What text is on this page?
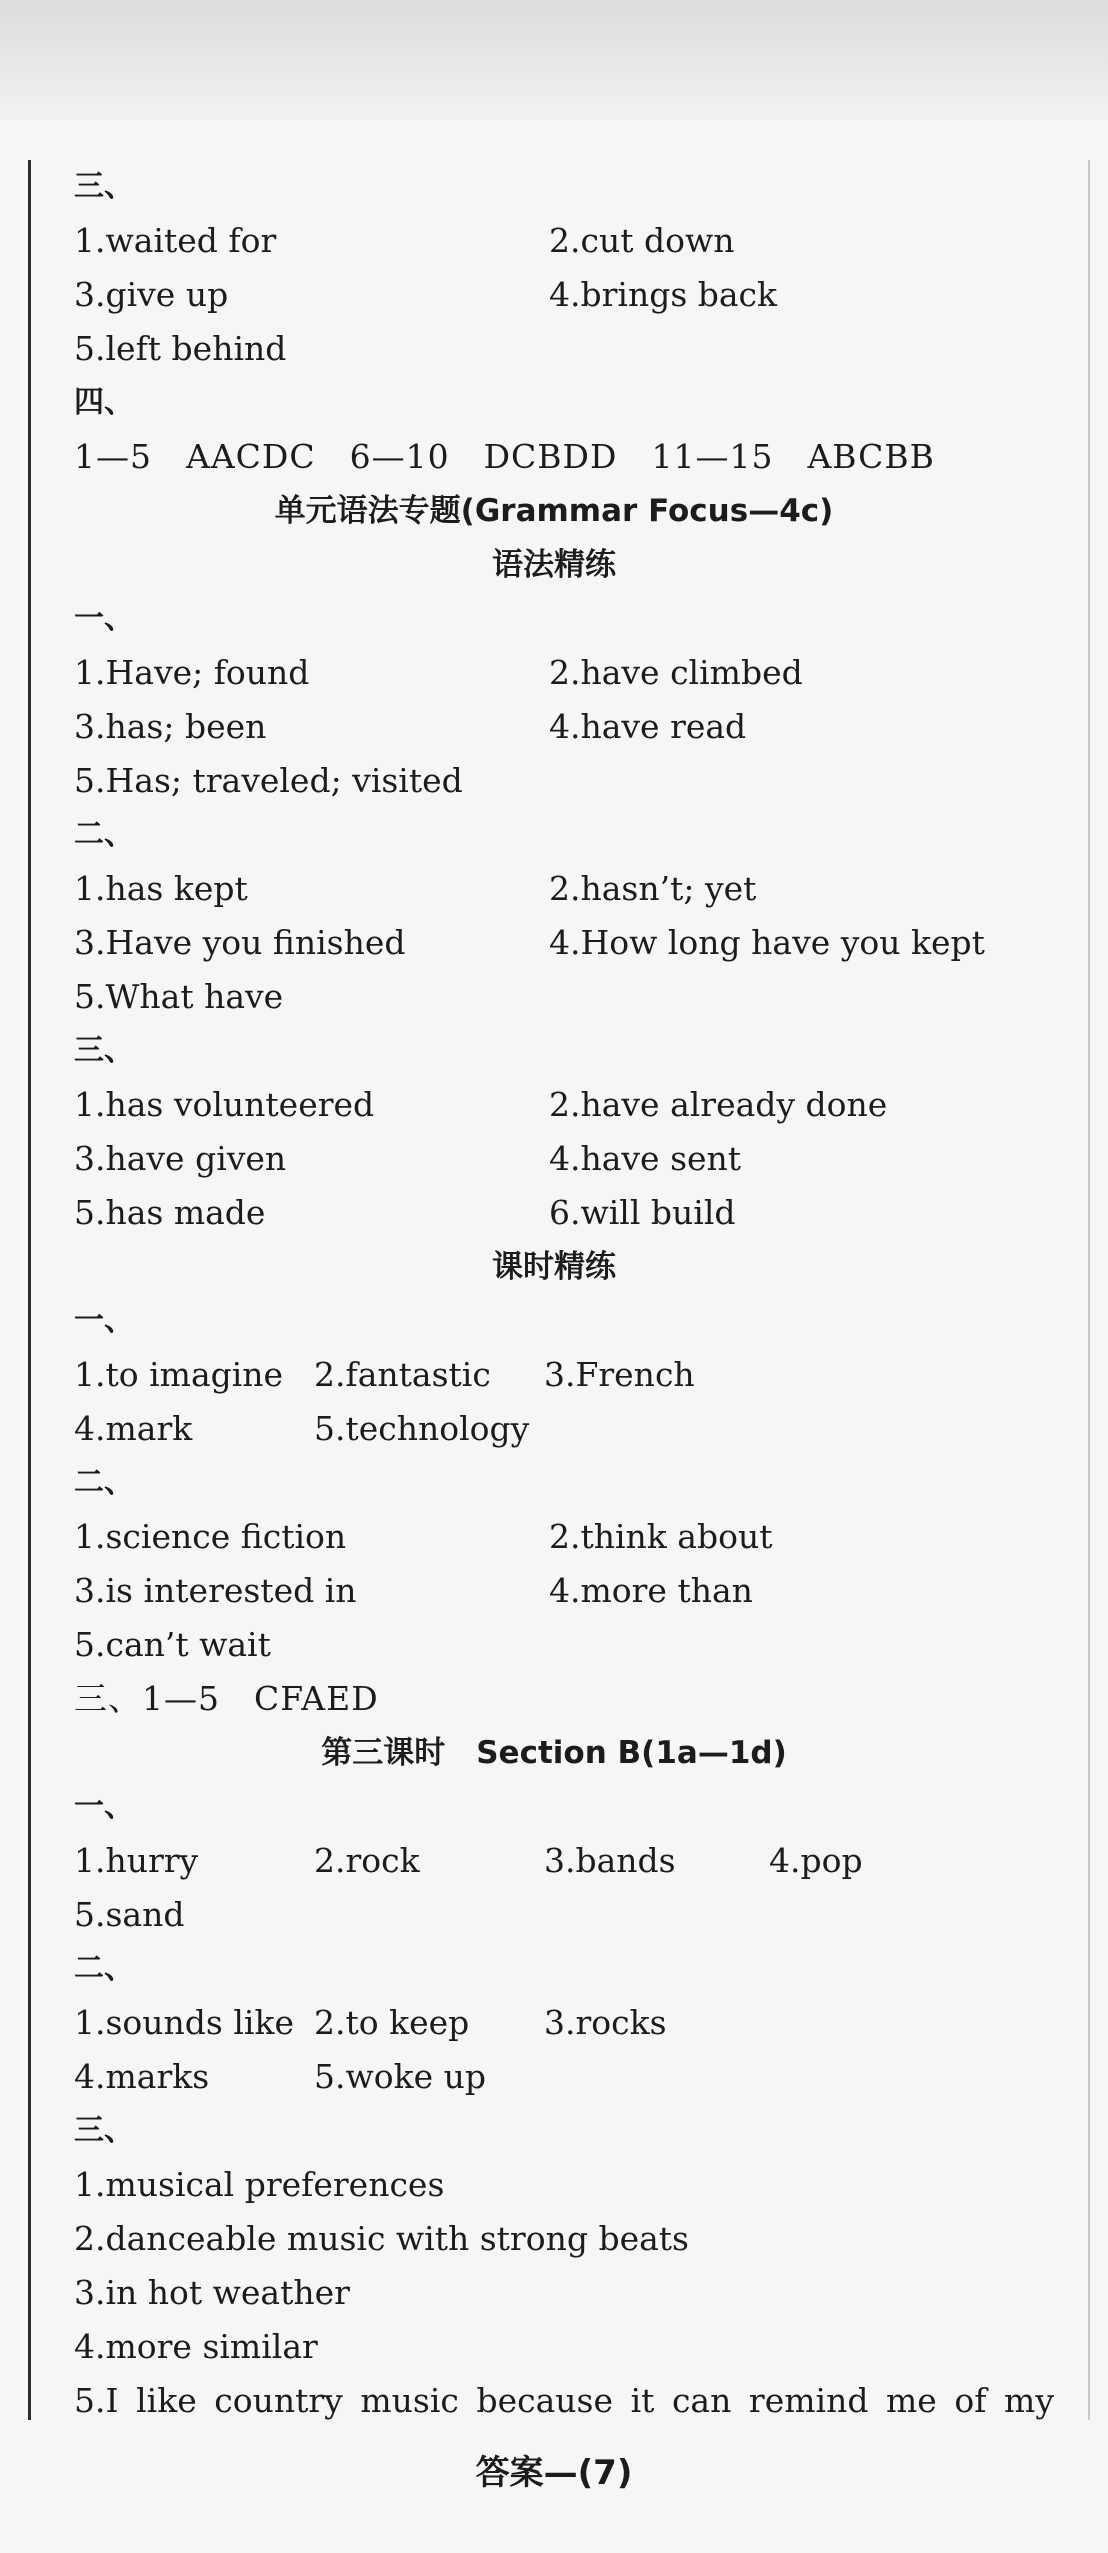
三、
1.waited for	2.cut down
3.give up	4.brings back
5.left behind
四、
1—5　AACDC　6—10　DCBDD　11—15　ABCBB
单元语法专题(Grammar Focus—4c)
语法精练
一、
1.Have; found	2.have climbed
3.has; been	4.have read
5.Has; traveled; visited
二、
1.has kept	2.hasn’t; yet
3.Have you finished	4.How long have you kept
5.What have
三、
1.has volunteered	2.have already done
3.have given	4.have sent
5.has made	6.will build
课时精练
一、
1.to imagine 2.fantastic 3.French
4.mark	5.technology
二、
1.science fiction	2.think about
3.is interested in	4.more than
5.can’t wait
三、1—5　CFAED
第三课时　Section B(1a—1d)
一、
1.hurry	2.rock	3.bands	4.pop
5.sand
二、
1.sounds like 2.to keep 3.rocks
4.marks	5.woke up
三、
1.musical preferences
2.danceable music with strong beats
3.in hot weather
4.more similar
5.I like country music because it can remind me of my
答案—(7)
